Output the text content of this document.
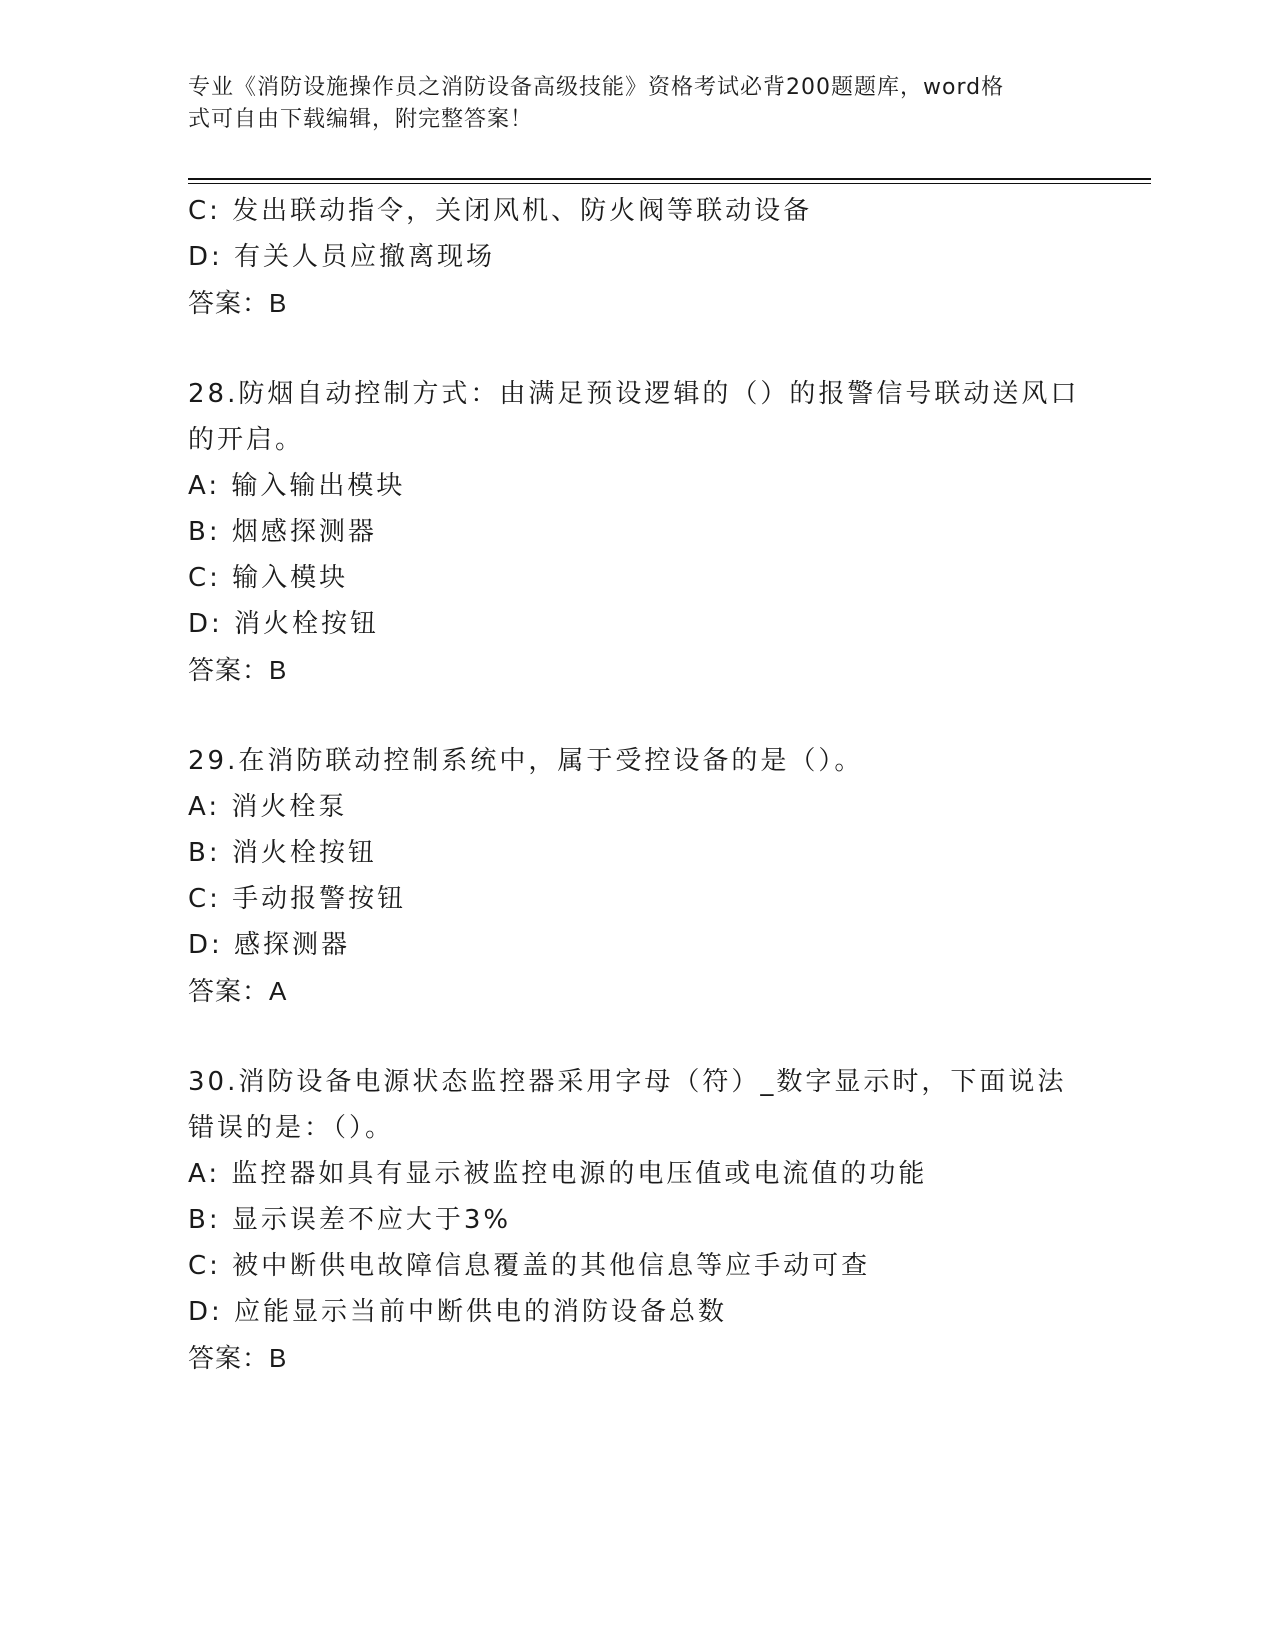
专业《消防设施操作员之消防设备高级技能》资格考试必背200题题库，word格
式可自由下载编辑，附完整答案！
C: 发出联动指令，关闭风机、防火阀等联动设备
D: 有关人员应撤离现场
答案：B
28.防烟自动控制方式：由满足预设逻辑的（）的报警信号联动送风口
的开启。
A: 输入输出模块
B: 烟感探测器
C: 输入模块
D: 消火栓按钮
答案：B
29.在消防联动控制系统中，属于受控设备的是（）。
A: 消火栓泵
B: 消火栓按钮
C: 手动报警按钮
D: 感探测器
答案：A
30.消防设备电源状态监控器采用字母（符）_数字显示时，下面说法
错误的是：（）。
A: 监控器如具有显示被监控电源的电压值或电流值的功能
B: 显示误差不应大于3%
C: 被中断供电故障信息覆盖的其他信息等应手动可查
D: 应能显示当前中断供电的消防设备总数
答案：B
